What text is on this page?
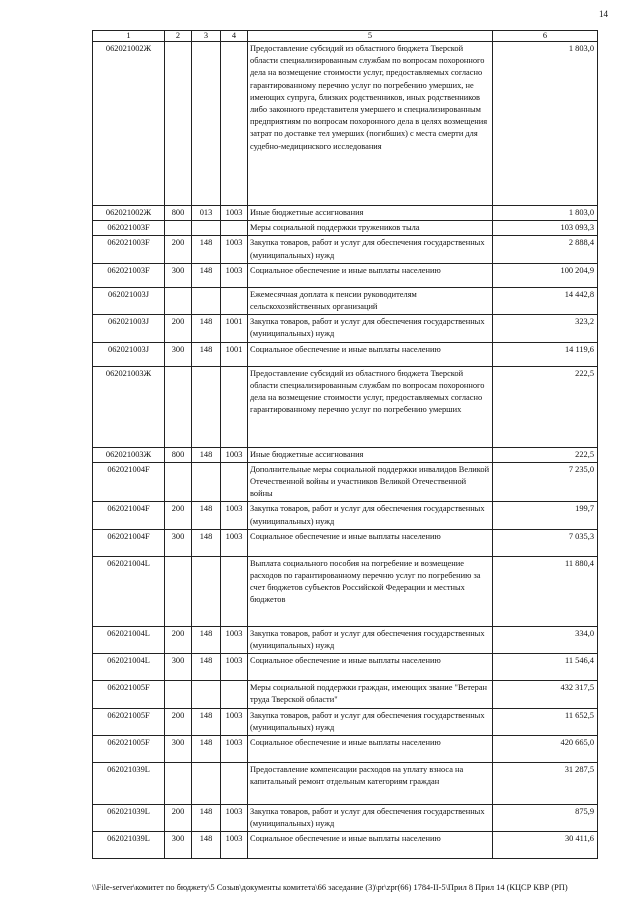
14
1	2	3	4	5	6
062021002Ж				Предоставление субсидий из областного бюджета Тверской области специализированным службам по вопросам похоронного дела на возмещение стоимости услуг, предоставляемых согласно гарантированному перечню услуг по погребению умерших, не имеющих супруга, близких родственников, иных родственников либо законного представителя умершего и специализированным предприятиям по вопросам похоронного дела в целях возмещения затрат по доставке тел умерших (погибших) с места смерти для судебно-медицинского исследования	1 803,0
062021002Ж	800	013	1003	Иные бюджетные ассигнования	1 803,0
062021003F				Меры социальной поддержки тружеников тыла	103 093,3
062021003F	200	148	1003	Закупка товаров, работ и услуг для обеспечения государственных (муниципальных) нужд	2 888,4
062021003F	300	148	1003	Социальное обеспечение и иные выплаты населению	100 204,9
062021003J				Ежемесячная доплата к пенсии руководителям сельскохозяйственных организаций	14 442,8
062021003J	200	148	1001	Закупка товаров, работ и услуг для обеспечения государственных (муниципальных) нужд	323,2
062021003J	300	148	1001	Социальное обеспечение и иные выплаты населению	14 119,6
062021003Ж				Предоставление субсидий из областного бюджета Тверской области специализированным службам по вопросам похоронного дела на возмещение стоимости услуг, предоставляемых согласно гарантированному перечню услуг по погребению умерших	222,5
062021003Ж	800	148	1003	Иные бюджетные ассигнования	222,5
062021004F				Дополнительные меры социальной поддержки инвалидов Великой Отечественной войны и участников Великой Отечественной войны	7 235,0
062021004F	200	148	1003	Закупка товаров, работ и услуг для обеспечения государственных (муниципальных) нужд	199,7
062021004F	300	148	1003	Социальное обеспечение и иные выплаты населению	7 035,3
062021004L				Выплата социального пособия на погребение и возмещение расходов по гарантированному перечню услуг по погребению за счет бюджетов субъектов Российской Федерации и местных бюджетов	11 880,4
062021004L	200	148	1003	Закупка товаров, работ и услуг для обеспечения государственных (муниципальных) нужд	334,0
062021004L	300	148	1003	Социальное обеспечение и иные выплаты населению	11 546,4
062021005F				Меры социальной поддержки граждан, имеющих звание "Ветеран труда Тверской области"	432 317,5
062021005F	200	148	1003	Закупка товаров, работ и услуг для обеспечения государственных (муниципальных) нужд	11 652,5
062021005F	300	148	1003	Социальное обеспечение и иные выплаты населению	420 665,0
062021039L				Предоставление компенсации расходов на уплату взноса на капитальный ремонт отдельным категориям граждан	31 287,5
062021039L	200	148	1003	Закупка товаров, работ и услуг для обеспечения государственных (муниципальных) нужд	875,9
062021039L	300	148	1003	Социальное обеспечение и иные выплаты населению	30 411,6
\\File-server\комитет по бюджету\5 Созыв\документы комитета\66 заседание (3)\pr\zpr(66) 1784-II-5\Прил 8 Прил 14 (КЦСР КВР (РП)
